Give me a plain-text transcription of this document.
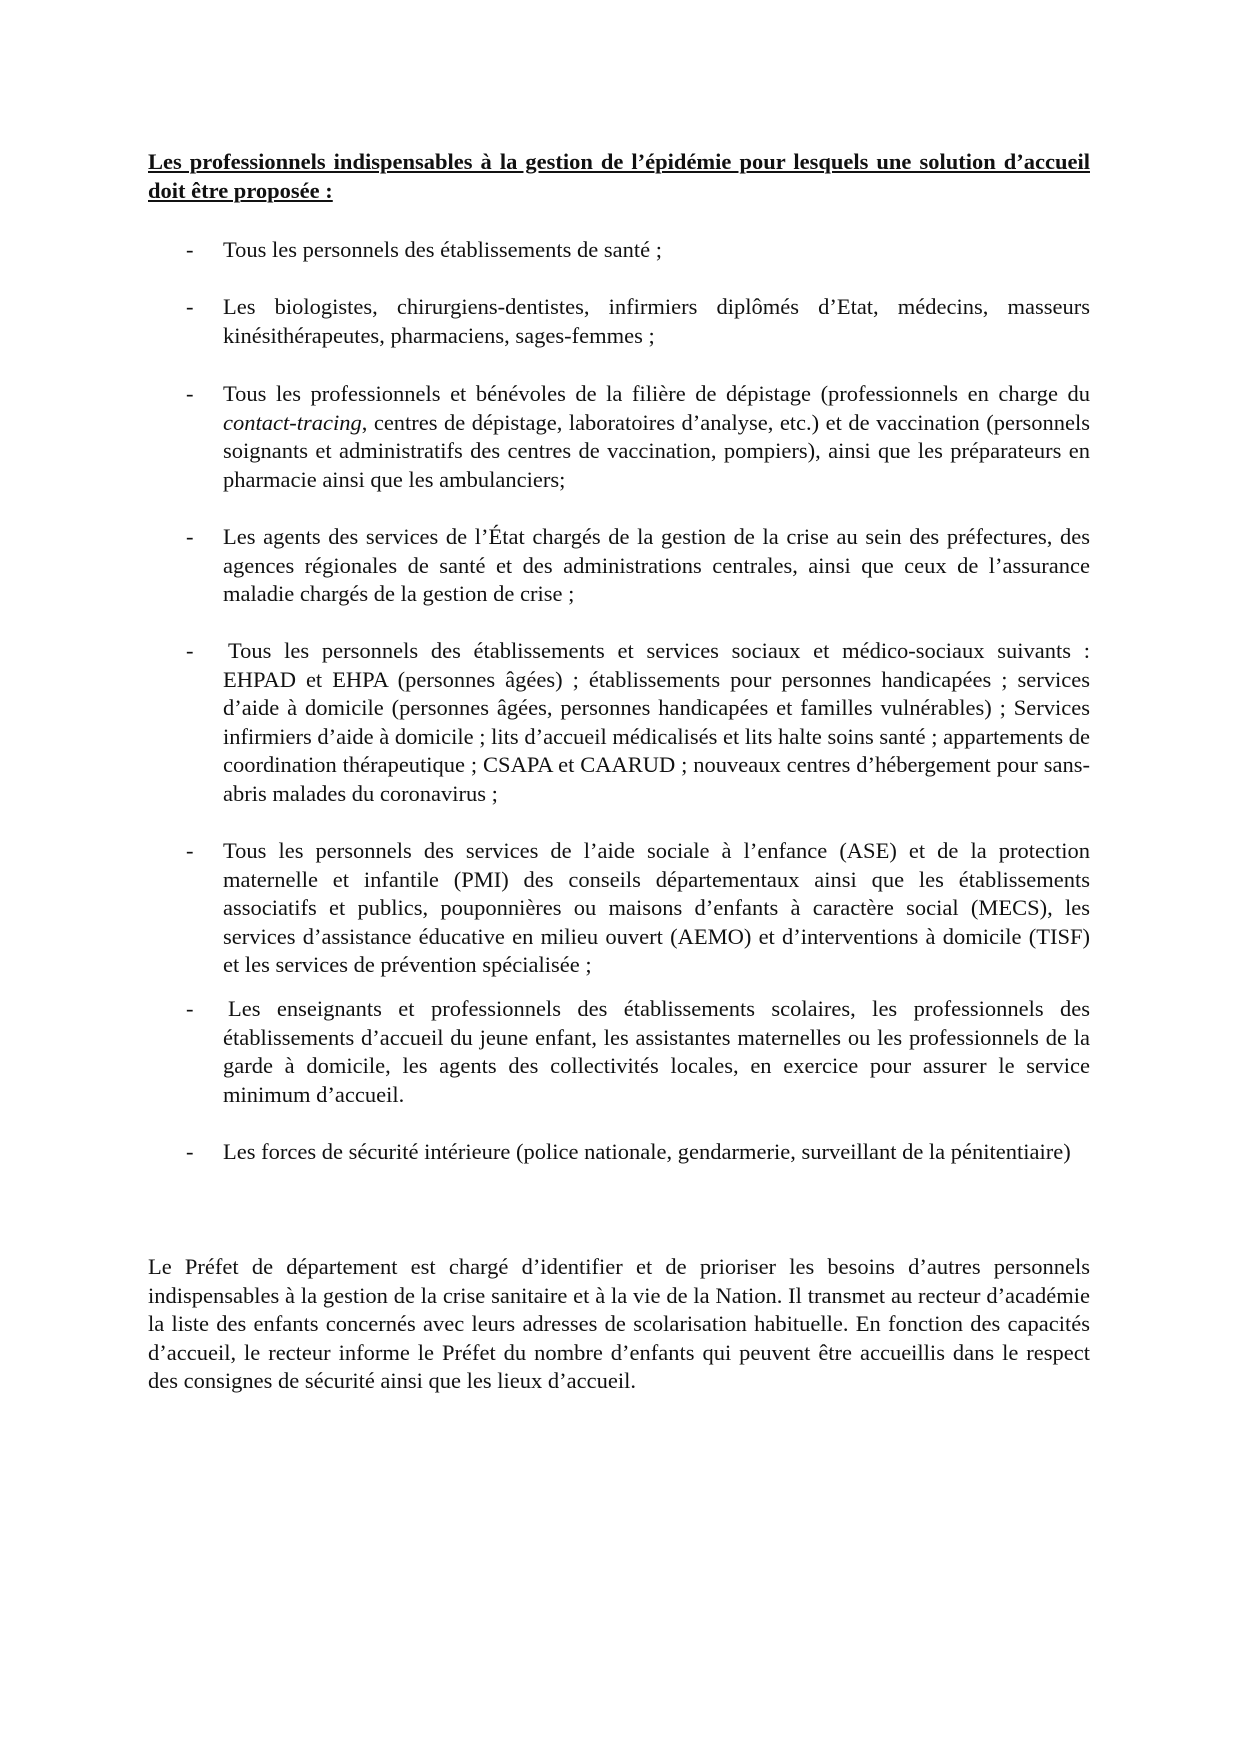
Les professionnels indispensables à la gestion de l’épidémie pour lesquels une solution d’accueil doit être proposée :

-	Tous les personnels des établissements de santé ;
-	Les biologistes, chirurgiens-dentistes, infirmiers diplômés d’Etat, médecins, masseurs kinésithérapeutes, pharmaciens, sages-femmes ;
-	Tous les professionnels et bénévoles de la filière de dépistage (professionnels en charge du contact-tracing, centres de dépistage, laboratoires d’analyse, etc.) et de vaccination (personnels soignants et administratifs des centres de vaccination, pompiers), ainsi que les préparateurs en pharmacie ainsi que les ambulanciers;
-	Les agents des services de l’État chargés de la gestion de la crise au sein des préfectures, des agences régionales de santé et des administrations centrales, ainsi que ceux de l’assurance maladie chargés de la gestion de crise ;
-	Tous les personnels des établissements et services sociaux et médico-sociaux suivants : EHPAD et EHPA (personnes âgées) ; établissements pour personnes handicapées ; services d’aide à domicile (personnes âgées, personnes handicapées et familles vulnérables) ; Services infirmiers d’aide à domicile ; lits d’accueil médicalisés et lits halte soins santé ; appartements de coordination thérapeutique ; CSAPA et CAARUD ; nouveaux centres d’hébergement pour sans-abris malades du coronavirus ;
-	Tous les personnels des services de l’aide sociale à l’enfance (ASE) et de la protection maternelle et infantile (PMI) des conseils départementaux ainsi que les établissements associatifs et publics, pouponnières ou maisons d’enfants à caractère social (MECS), les services d’assistance éducative en milieu ouvert (AEMO) et d’interventions à domicile (TISF) et les services de prévention spécialisée ;
-	Les enseignants et professionnels des établissements scolaires, les professionnels des établissements d’accueil du jeune enfant, les assistantes maternelles ou les professionnels de la garde à domicile, les agents des collectivités locales, en exercice pour assurer le service minimum d’accueil.
-	Les forces de sécurité intérieure (police nationale, gendarmerie, surveillant de la pénitentiaire)

Le Préfet de département est chargé d’identifier et de prioriser les besoins d’autres personnels indispensables à la gestion de la crise sanitaire et à la vie de la Nation. Il transmet au recteur d’académie la liste des enfants concernés avec leurs adresses de scolarisation habituelle. En fonction des capacités d’accueil, le recteur informe le Préfet du nombre d’enfants qui peuvent être accueillis dans le respect des consignes de sécurité ainsi que les lieux d’accueil.
